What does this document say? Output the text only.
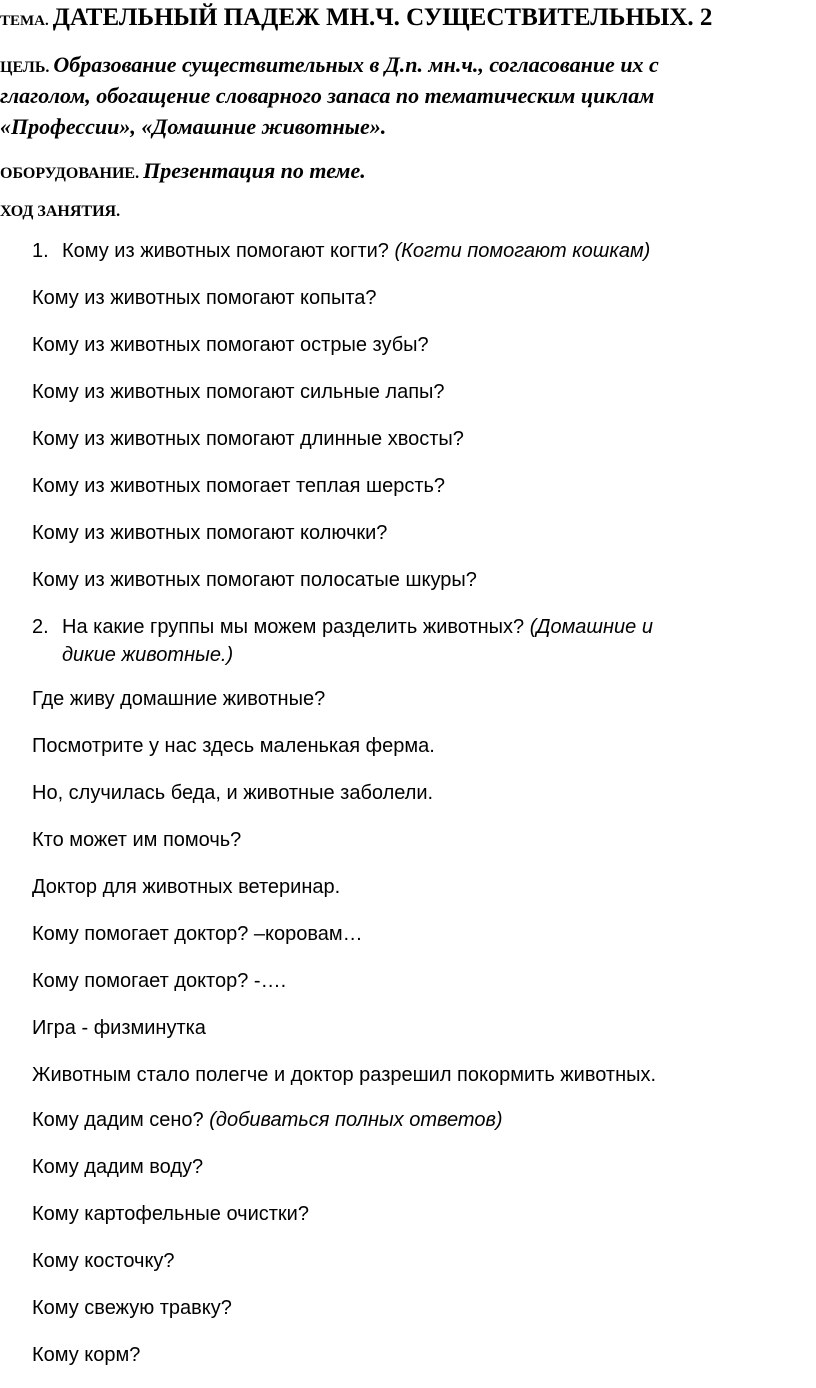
ТЕМА. ДАТЕЛЬНЫЙ ПАДЕЖ МН.Ч. СУЩЕСТВИТЕЛЬНЫХ. 2
ЦЕЛЬ. Образование существительных в Д.п. мн.ч., согласование их с
глаголом, обогащение словарного запаса по тематическим циклам
«Профессии», «Домашние животные».
ОБОРУДОВАНИЕ. Презентация по теме.
ХОД ЗАНЯТИЯ.
1. Кому из животных помогают когти? (Когти помогают кошкам)
Кому из животных помогают копыта?
Кому из животных помогают острые зубы?
Кому из животных помогают сильные лапы?
Кому из животных помогают длинные хвосты?
Кому из животных помогает теплая шерсть?
Кому из животных помогают колючки?
Кому из животных помогают полосатые шкуры?
2. На какие группы мы можем разделить животных? (Домашние и
дикие животные.)
Где живу домашние животные?
Посмотрите у нас здесь маленькая ферма.
Но, случилась беда, и животные заболели.
Кто может им помочь?
Доктор для животных ветеринар.
Кому помогает доктор? –коровам…
Кому помогает доктор? -….
Игра - физминутка
Животным стало полегче и доктор разрешил покормить животных.
Кому дадим сено? (добиваться полных ответов)
Кому дадим воду?
Кому картофельные очистки?
Кому косточку?
Кому свежую травку?
Кому корм?
